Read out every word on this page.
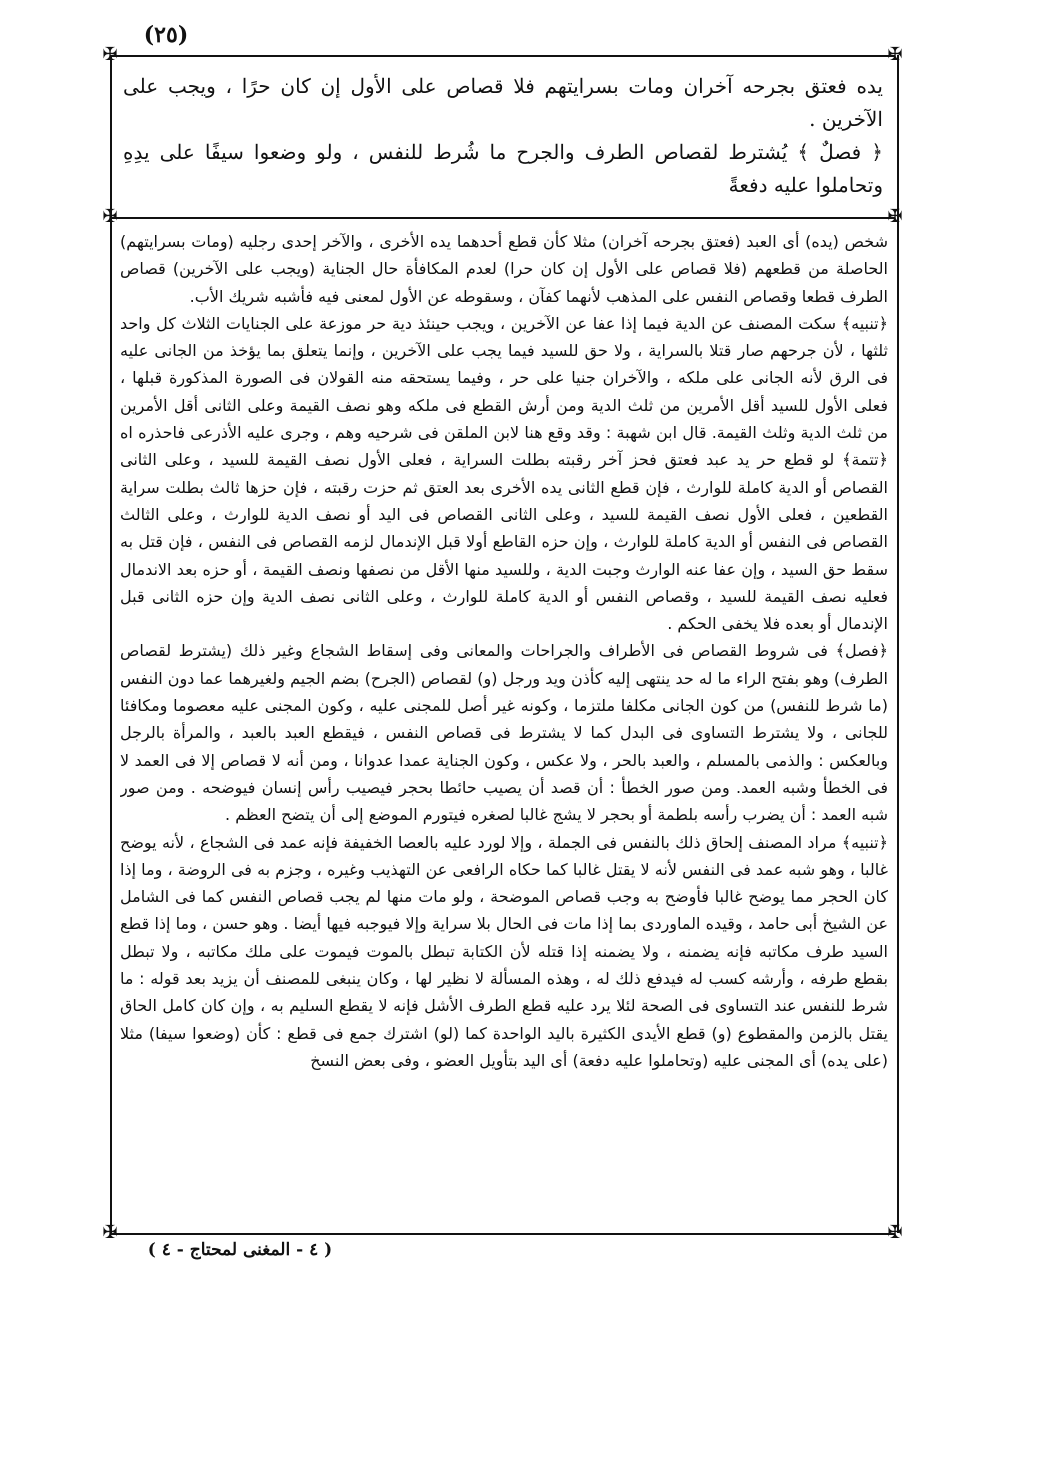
(٢٥)
✠	✠
✠	✠
✠	✠

يده فعتق بجرحه آخران ومات بسرايتهم فلا قصاص على الأول إن كان حرًا ، ويجب على الآخرين .

﴿ فصلٌ ﴾ يُشترط لقصاص الطرف والجرح ما شُرط للنفس ، ولو وضعوا سيفًا على يدِهِ وتحاملوا عليه دفعةً

شخص (يده) أى العبد (فعتق بجرحه آخران) مثلا كأن قطع أحدهما يده الأخرى ، والآخر إحدى رجليه (ومات بسرايتهم) الحاصلة من قطعهم (فلا قصاص على الأول إن كان حرا) لعدم المكافأة حال الجناية (ويجب على الآخرين) قصاص الطرف قطعا وقصاص النفس على المذهب لأنهما كفآن ، وسقوطه عن الأول لمعنى فيه فأشبه شريك الأب.

﴿تنبيه﴾ سكت المصنف عن الدية فيما إذا عفا عن الآخرين ، ويجب حينئذ دية حر موزعة على الجنايات الثلاث كل واحد ثلثها ، لأن جرحهم صار قتلا بالسراية ، ولا حق للسيد فيما يجب على الآخرين ، وإنما يتعلق بما يؤخذ من الجانى عليه فى الرق لأنه الجانى على ملكه ، والآخران جنيا على حر ، وفيما يستحقه منه القولان فى الصورة المذكورة قبلها ، فعلى الأول للسيد أقل الأمرين من ثلث الدية ومن أرش القطع فى ملكه وهو نصف القيمة وعلى الثانى أقل الأمرين من ثلث الدية وثلث القيمة. قال ابن شهبة : وقد وقع هنا لابن الملقن فى شرحيه وهم ، وجرى عليه الأذرعى فاحذره اه ﴿تتمة﴾ لو قطع حر يد عبد فعتق فحز آخر رقبته بطلت السراية ، فعلى الأول نصف القيمة للسيد ، وعلى الثانى القصاص أو الدية كاملة للوارث ، فإن قطع الثانى يده الأخرى بعد العتق ثم حزت رقبته ، فإن حزها ثالث بطلت سراية القطعين ، فعلى الأول نصف القيمة للسيد ، وعلى الثانى القصاص فى اليد أو نصف الدية للوارث ، وعلى الثالث القصاص فى النفس أو الدية كاملة للوارث ، وإن حزه القاطع أولا قبل الإندمال لزمه القصاص فى النفس ، فإن قتل به سقط حق السيد ، وإن عفا عنه الوارث وجبت الدية ، وللسيد منها الأقل من نصفها ونصف القيمة ، أو حزه بعد الاندمال فعليه نصف القيمة للسيد ، وقصاص النفس أو الدية كاملة للوارث ، وعلى الثانى نصف الدية وإن حزه الثانى قبل الإندمال أو بعده فلا يخفى الحكم .

﴿فصل﴾ فى شروط القصاص فى الأطراف والجراحات والمعانى وفى إسقاط الشجاع وغير ذلك (يشترط لقصاص الطرف) وهو بفتح الراء ما له حد ينتهى إليه كأذن ويد ورجل (و) لقصاص (الجرح) بضم الجيم ولغيرهما عما دون النفس (ما شرط للنفس) من كون الجانى مكلفا ملتزما ، وكونه غير أصل للمجنى عليه ، وكون المجنى عليه معصوما ومكافئا للجانى ، ولا يشترط التساوى فى البدل كما لا يشترط فى قصاص النفس ، فيقطع العبد بالعبد ، والمرأة بالرجل وبالعكس : والذمى بالمسلم ، والعبد بالحر ، ولا عكس ، وكون الجناية عمدا عدوانا ، ومن أنه لا قصاص إلا فى العمد لا فى الخطأ وشبه العمد. ومن صور الخطأ : أن قصد أن يصيب حائطا بحجر فيصيب رأس إنسان فيوضحه . ومن صور شبه العمد : أن يضرب رأسه بلطمة أو بحجر لا يشج غالبا لصغره فيتورم الموضع إلى أن يتضح العظم .

﴿تنبيه﴾ مراد المصنف إلحاق ذلك بالنفس فى الجملة ، وإلا لورد عليه بالعصا الخفيفة فإنه عمد فى الشجاع ، لأنه يوضح غالبا ، وهو شبه عمد فى النفس لأنه لا يقتل غالبا كما حكاه الرافعى عن التهذيب وغيره ، وجزم به فى الروضة ، وما إذا كان الحجر مما يوضح غالبا فأوضح به وجب قصاص الموضحة ، ولو مات منها لم يجب قصاص النفس كما فى الشامل عن الشيخ أبى حامد ، وقيده الماوردى بما إذا مات فى الحال بلا سراية وإلا فيوجبه فيها أيضا . وهو حسن ، وما إذا قطع السيد طرف مكاتبه فإنه يضمنه ، ولا يضمنه إذا قتله لأن الكتابة تبطل بالموت فيموت على ملك مكاتبه ، ولا تبطل بقطع طرفه ، وأرشه كسب له فيدفع ذلك له ، وهذه المسألة لا نظير لها ، وكان ينبغى للمصنف أن يزيد بعد قوله : ما شرط للنفس عند التساوى فى الصحة لئلا يرد عليه قطع الطرف الأشل فإنه لا يقطع السليم به ، وإن كان كامل الحاق يقتل بالزمن والمقطوع (و) قطع الأيدى الكثيرة باليد الواحدة كما (لو) اشترك جمع فى قطع : كأن (وضعوا سيفا) مثلا (على يده) أى المجنى عليه (وتحاملوا عليه دفعة) أى اليد بتأويل العضو ، وفى بعض النسخ

( ٤ - المغنى لمحتاج - ٤ )
